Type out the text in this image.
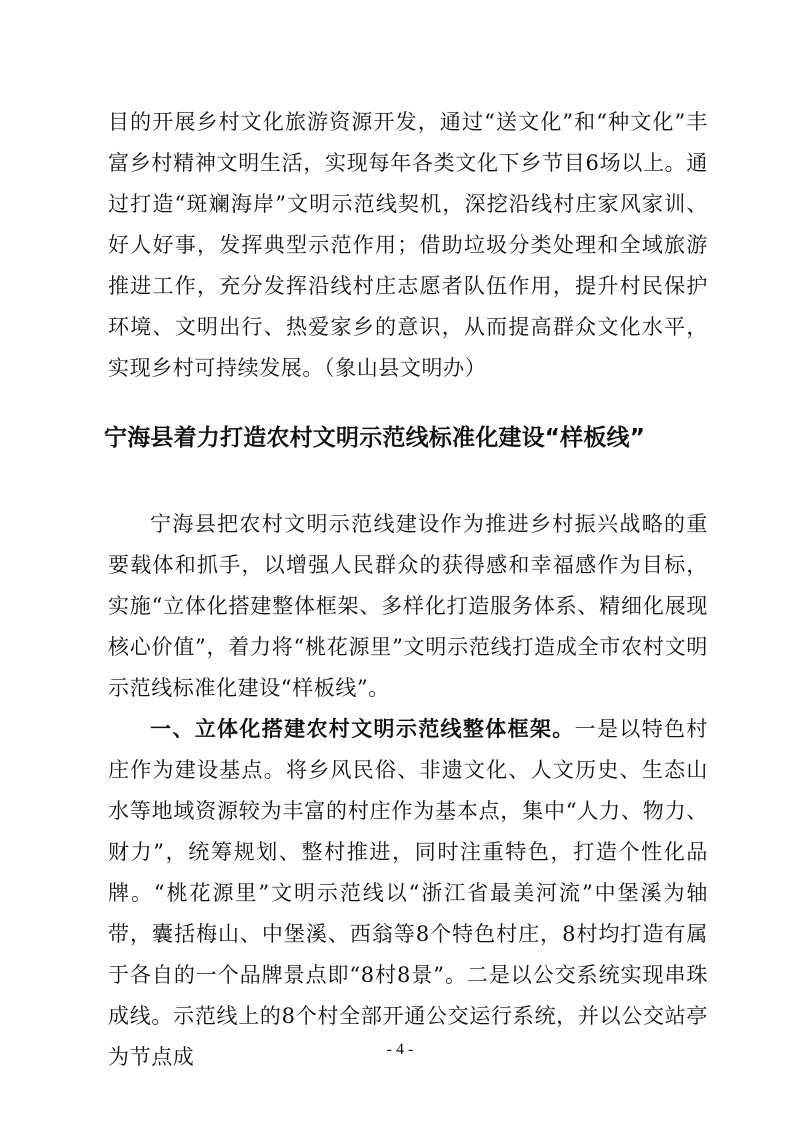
目的开展乡村文化旅游资源开发，通过“送文化”和“种文化”丰富乡村精神文明生活，实现每年各类文化下乡节目6场以上。通过打造“斑斓海岸”文明示范线契机，深挖沿线村庄家风家训、好人好事，发挥典型示范作用；借助垃圾分类处理和全域旅游推进工作，充分发挥沿线村庄志愿者队伍作用，提升村民保护环境、文明出行、热爱家乡的意识，从而提高群众文化水平，实现乡村可持续发展。（象山县文明办）

宁海县着力打造农村文明示范线标准化建设“样板线”

宁海县把农村文明示范线建设作为推进乡村振兴战略的重要载体和抓手，以增强人民群众的获得感和幸福感作为目标，实施“立体化搭建整体框架、多样化打造服务体系、精细化展现核心价值”，着力将“桃花源里”文明示范线打造成全市农村文明示范线标准化建设“样板线”。

一、立体化搭建农村文明示范线整体框架。一是以特色村庄作为建设基点。将乡风民俗、非遗文化、人文历史、生态山水等地域资源较为丰富的村庄作为基本点，集中“人力、物力、财力”，统筹规划、整村推进，同时注重特色，打造个性化品牌。“桃花源里”文明示范线以“浙江省最美河流”中堡溪为轴带，囊括梅山、中堡溪、西翁等8个特色村庄，8村均打造有属于各自的一个品牌景点即“8村8景”。二是以公交系统实现串珠成线。示范线上的8个村全部开通公交运行系统，并以公交站亭为节点成	- 4 -
